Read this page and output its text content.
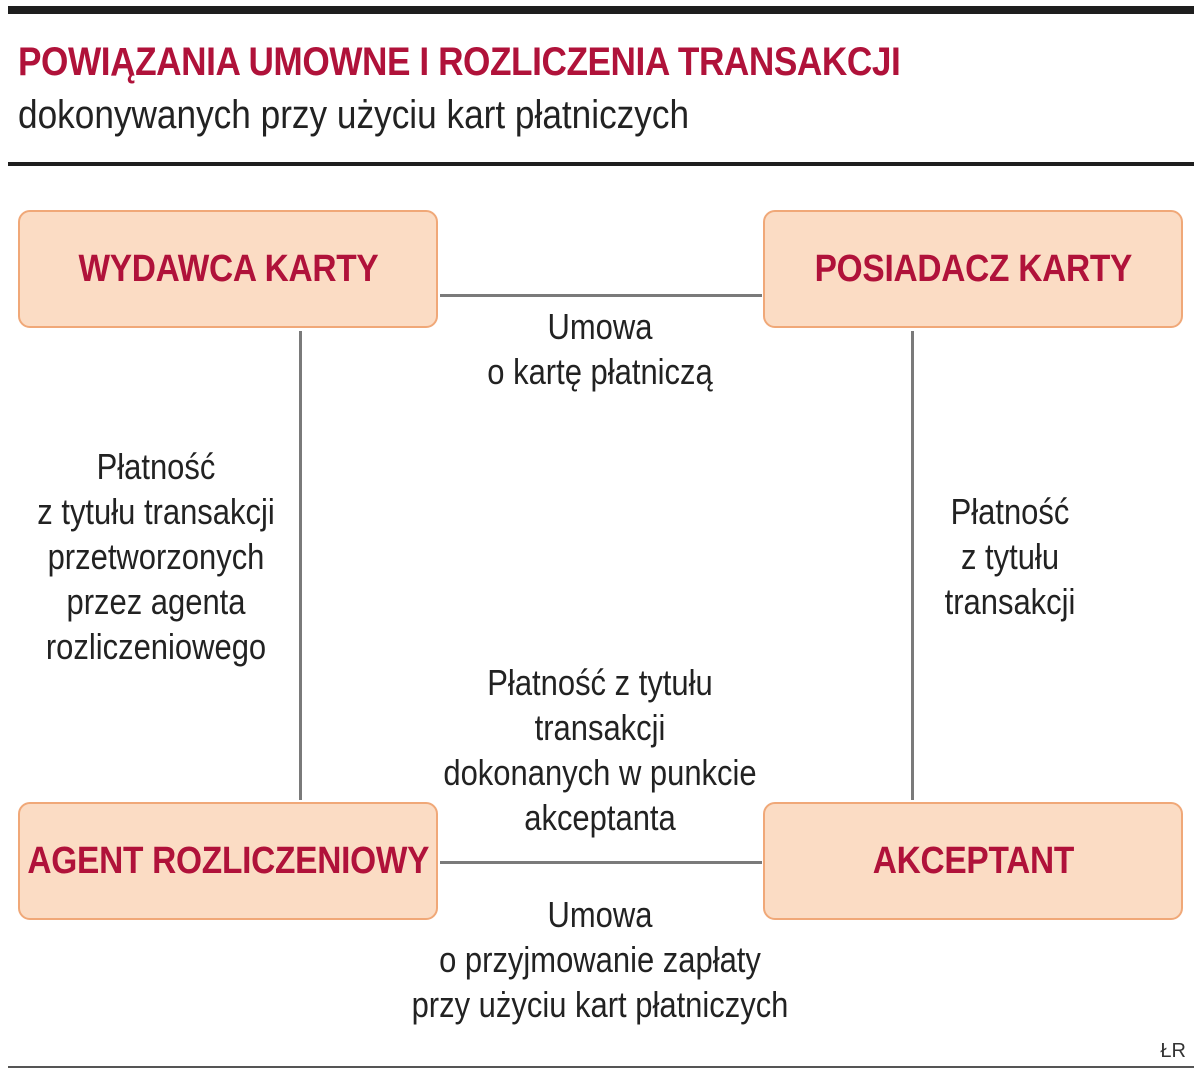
POWIĄZANIA UMOWNE I ROZLICZENIA TRANSAKCJI
dokonywanych przy użyciu kart płatniczych
WYDAWCA KARTY	POSIADACZ KARTY
AGENT ROZLICZENIOWY	AKCEPTANT
Umowa
o kartę płatniczą
Płatność
z tytułu transakcji
przetworzonych
przez agenta
rozliczeniowego
Płatność
z tytułu
transakcji
Płatność z tytułu
transakcji
dokonanych w punkcie
akceptanta
Umowa
o przyjmowanie zapłaty
przy użyciu kart płatniczych
ŁR
